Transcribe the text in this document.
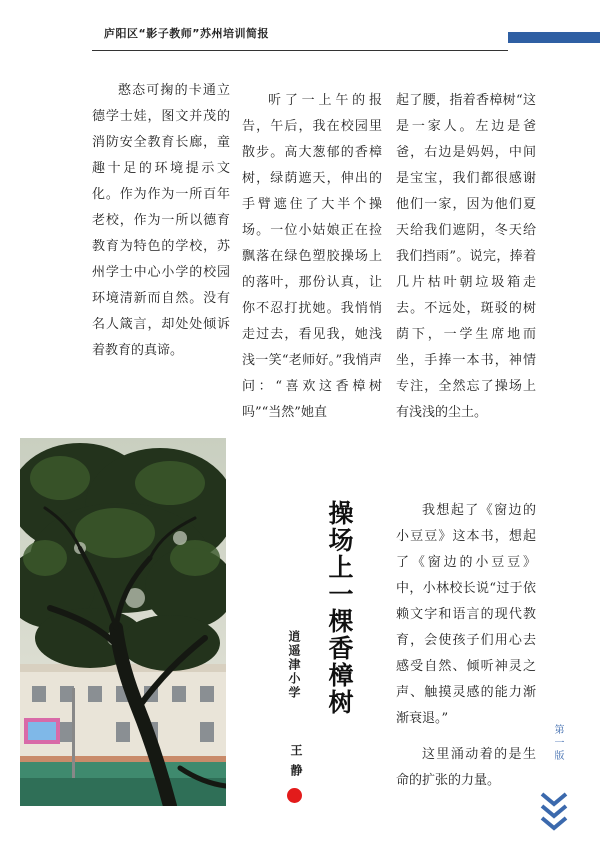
庐阳区“影子教师”苏州培训简报

憨态可掬的卡通立德学士娃，图文并茂的消防安全教育长廊，童趣十足的环境提示文化。作为作为一所百年老校，作为一所以德育教育为特色的学校，苏州学士中心小学的校园环境清新而自然。没有名人箴言，却处处倾诉着教育的真谛。

听了一上午的报告，午后，我在校园里散步。高大葱郁的香樟树，绿荫遮天，伸出的手臂遮住了大半个操场。一位小姑娘正在捡飘落在绿色塑胶操场上的落叶，那份认真，让你不忍打扰她。我悄悄走过去，看见我，她浅浅一笑“老师好。”我悄声问：“喜欢这香樟树吗”“当然”她直

起了腰，指着香樟树“这是一家人。左边是爸爸，右边是妈妈，中间是宝宝，我们都很感谢他们一家，因为他们夏天给我们遮阴，冬天给我们挡雨”。说完，捧着几片枯叶朝垃圾箱走去。不远处，斑驳的树荫下，一学生席地而坐，手捧一本书，神情专注，全然忘了操场上有浅浅的尘土。
操场上一棵香樟树
逍遥津小学
王静

我想起了《窗边的小豆豆》这本书，想起了《窗边的小豆豆》中，小林校长说“过于依赖文字和语言的现代教育，会使孩子们用心去感受自然、倾听神灵之声、触摸灵感的能力渐渐衰退。”

这里涌动着的是生命的扩张的力量。

第一版
